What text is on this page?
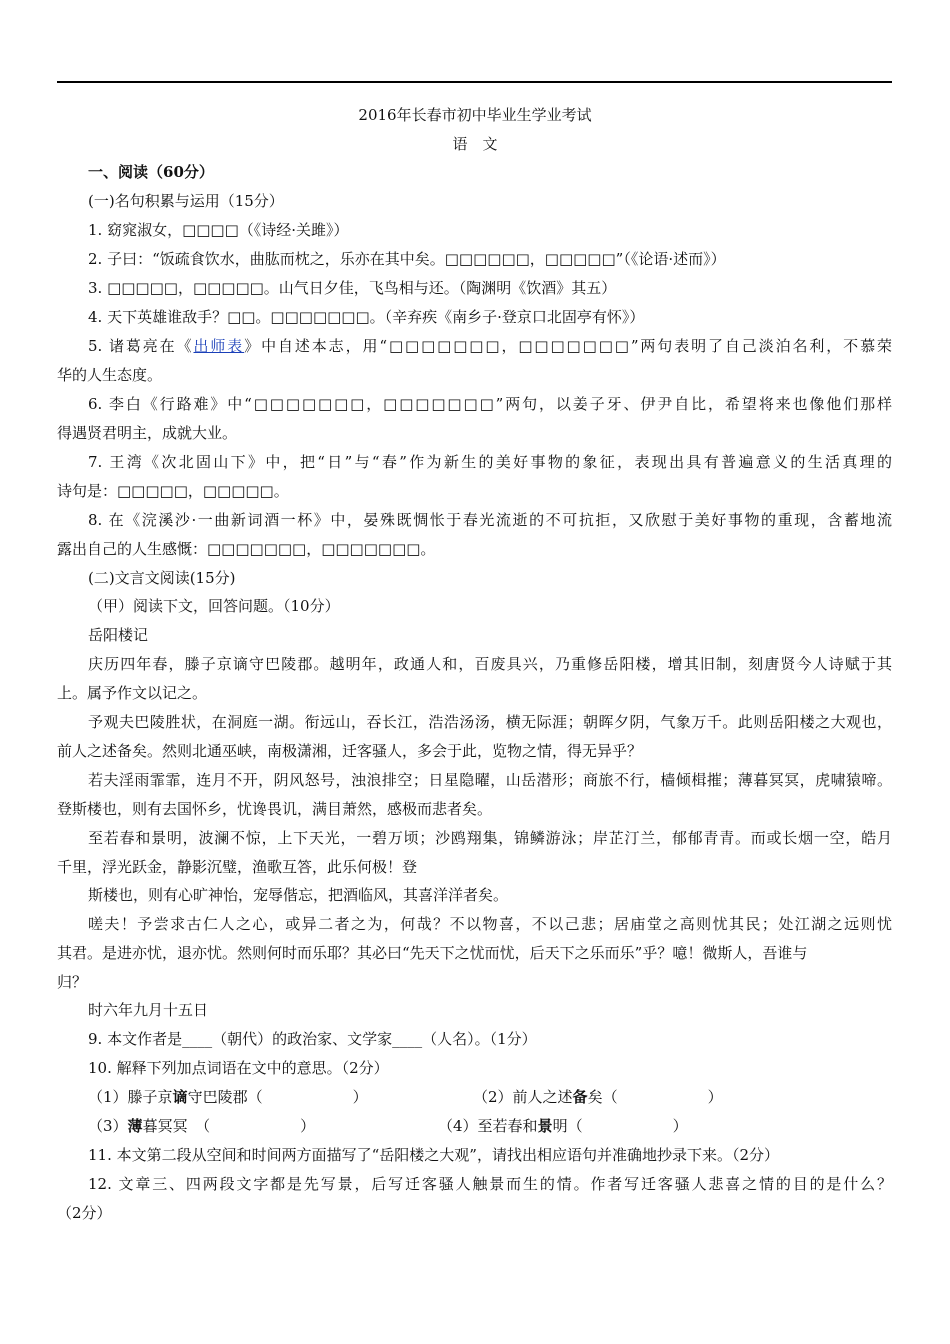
2016年长春市初中毕业生学业考试
语　文
一、阅读（60分）
(一)名句积累与运用（15分）
1. 窈窕淑女，□□□□（《诗经·关雎》）
2. 子曰：“饭疏食饮水，曲肱而枕之，乐亦在其中矣。□□□□□□，□□□□□”（《论语·述而》）
3. □□□□□，□□□□□。山气日夕佳，飞鸟相与还。（陶渊明《饮酒》其五）
4. 天下英雄谁敌手？□□。□□□□□□□。（辛弃疾《南乡子·登京口北固亭有怀》）
5. 诸葛亮在《出师表》中自述本志，用“□□□□□□□，□□□□□□□”两句表明了自己淡泊名利，不慕荣
华的人生态度。
6. 李白《行路难》中“□□□□□□□，□□□□□□□”两句，以姜子牙、伊尹自比，希望将来也像他们那样
得遇贤君明主，成就大业。
7. 王湾《次北固山下》中，把“日”与“春”作为新生的美好事物的象征，表现出具有普遍意义的生活真理的
诗句是：□□□□□，□□□□□。
8. 在《浣溪沙·一曲新词酒一杯》中，晏殊既惆怅于春光流逝的不可抗拒，又欣慰于美好事物的重现，含蓄地流
露出自己的人生感慨：□□□□□□□，□□□□□□□。
(二)文言文阅读(15分)
（甲）阅读下文，回答问题。（10分）
岳阳楼记
庆历四年春，滕子京谪守巴陵郡。越明年，政通人和，百废具兴，乃重修岳阳楼，增其旧制，刻唐贤今人诗赋于其
上。属予作文以记之。
予观夫巴陵胜状，在洞庭一湖。衔远山，吞长江，浩浩汤汤，横无际涯；朝晖夕阴，气象万千。此则岳阳楼之大观也，
前人之述备矣。然则北通巫峡，南极潇湘，迁客骚人，多会于此，览物之情，得无异乎？
若夫淫雨霏霏，连月不开，阴风怒号，浊浪排空；日星隐曜，山岳潜形；商旅不行，樯倾楫摧；薄暮冥冥，虎啸猿啼。
登斯楼也，则有去国怀乡，忧谗畏讥，满目萧然，感极而悲者矣。
至若春和景明，波澜不惊，上下天光，一碧万顷；沙鸥翔集，锦鳞游泳；岸芷汀兰，郁郁青青。而或长烟一空，皓月
千里，浮光跃金，静影沉璧，渔歌互答，此乐何极！登
斯楼也，则有心旷神怡，宠辱偕忘，把酒临风，其喜洋洋者矣。
嗟夫！予尝求古仁人之心，或异二者之为，何哉？不以物喜，不以己悲；居庙堂之高则忧其民；处江湖之远则忧
其君。是进亦忧，退亦忧。然则何时而乐耶？其必曰“先天下之忧而忧，后天下之乐而乐”乎？噫！微斯人，吾谁与
归？
时六年九月十五日
9. 本文作者是____（朝代）的政治家、文学家____（人名）。（1分）
10. 解释下列加点词语在文中的意思。（2分）
（1）滕子京谪守巴陵郡（　　　　　　）	（2）前人之述备矣（　　　　　　）
（3）薄暮冥冥　（　　　　　　）	（4）至若春和景明（　　　　　　）
11. 本文第二段从空间和时间两方面描写了“岳阳楼之大观”，请找出相应语句并准确地抄录下来。（2分）
12. 文章三、四两段文字都是先写景，后写迁客骚人触景而生的情。作者写迁客骚人悲喜之情的目的是什么？
（2分）
